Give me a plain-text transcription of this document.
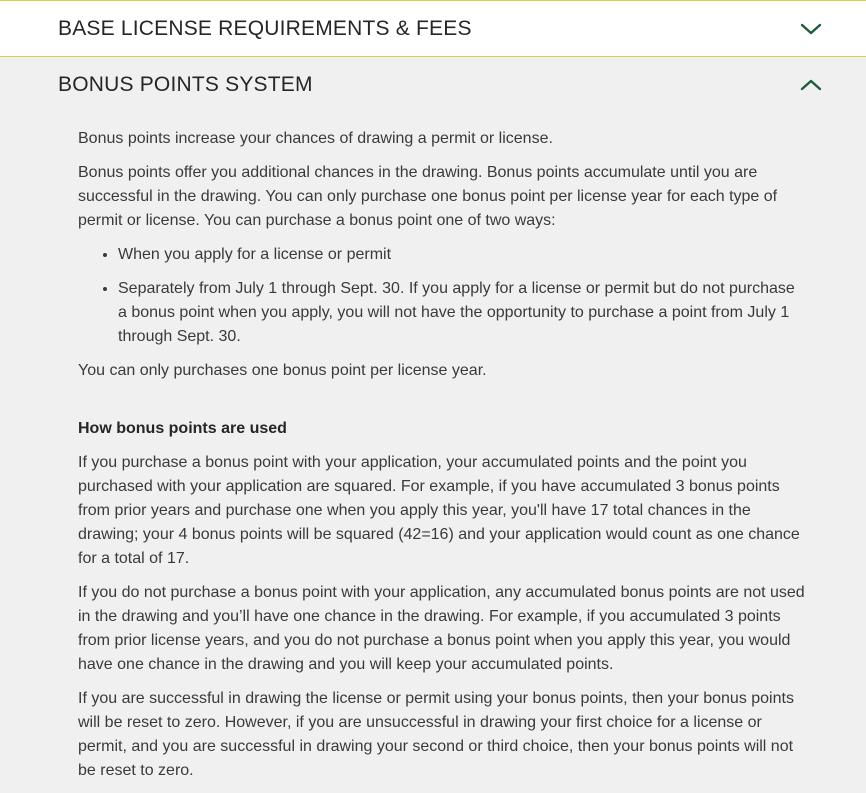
BASE LICENSE REQUIREMENTS & FEES
BONUS POINTS SYSTEM

Bonus points increase your chances of drawing a permit or license.

Bonus points offer you additional chances in the drawing. Bonus points accumulate until you are successful in the drawing. You can only purchase one bonus point per license year for each type of permit or license. You can purchase a bonus point one of two ways:

• When you apply for a license or permit
• Separately from July 1 through Sept. 30. If you apply for a license or permit but do not purchase a bonus point when you apply, you will not have the opportunity to purchase a point from July 1 through Sept. 30.

You can only purchases one bonus point per license year.

How bonus points are used

If you purchase a bonus point with your application, your accumulated points and the point you purchased with your application are squared. For example, if you have accumulated 3 bonus points from prior years and purchase one when you apply this year, you'll have 17 total chances in the drawing; your 4 bonus points will be squared (42=16) and your application would count as one chance for a total of 17.

If you do not purchase a bonus point with your application, any accumulated bonus points are not used in the drawing and you’ll have one chance in the drawing. For example, if you accumulated 3 points from prior license years, and you do not purchase a bonus point when you apply this year, you would have one chance in the drawing and you will keep your accumulated points.

If you are successful in drawing the license or permit using your bonus points, then your bonus points will be reset to zero. However, if you are unsuccessful in drawing your first choice for a license or permit, and you are successful in drawing your second or third choice, then your bonus points will not be reset to zero.
